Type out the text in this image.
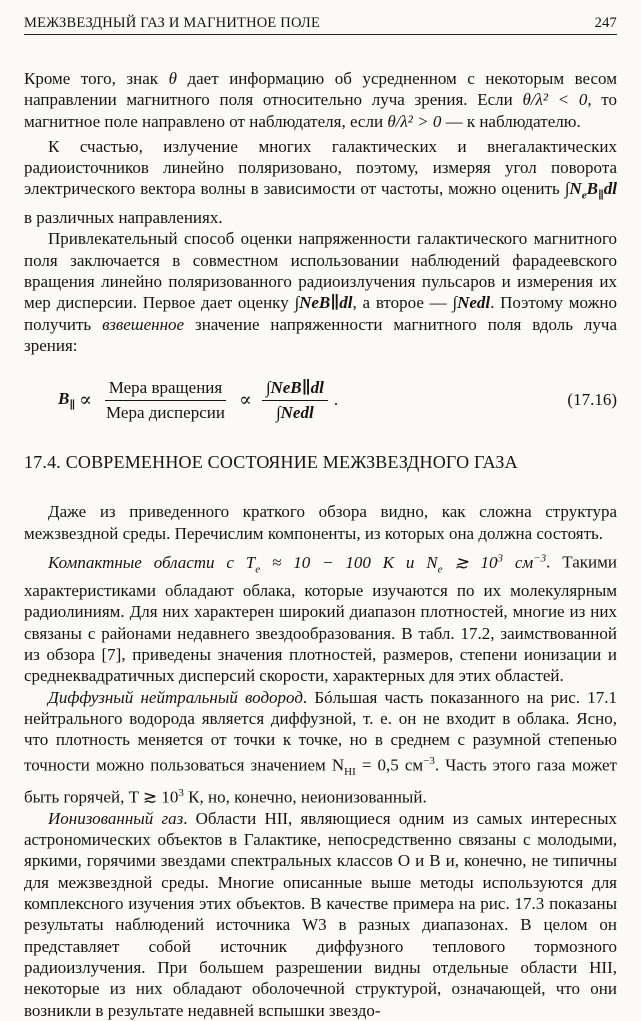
МЕЖЗВЕЗДНЫЙ ГАЗ И МАГНИТНОЕ ПОЛЕ	247

Кроме того, знак θ дает информацию об усредненном с некоторым весом направлении магнитного поля относительно луча зрения. Если θ/λ² < 0, то магнитное поле направлено от наблюдателя, если θ/λ² > 0 — к наблюдателю.

К счастью, излучение многих галактических и внегалактических радиоисточников линейно поляризовано, поэтому, измеряя угол поворота электрического вектора волны в зависимости от частоты, можно оценить $\int N_eB_\parallel dl$ в различных направлениях.

Привлекательный способ оценки напряженности галактического магнитного поля заключается в совместном использовании наблюдений фарадеевского вращения линейно поляризованного радиоизлучения пульсаров и измерения их мер дисперсии. Первое дает оценку ∫NeB∥dl, а второе — ∫Nedl. Поэтому можно получить взвешенное значение напряженности магнитного поля вдоль луча зрения:

$B_\parallel \propto \frac{\text{Мера вращения}}{\text{Мера дисперсии}} \propto \frac{\text{∫NeB∥dl}}{\text{∫Nedl}}$ .	(17.16)
17.4. СОВРЕМЕННОЕ СОСТОЯНИЕ МЕЖЗВЕЗДНОГО ГАЗА

Даже из приведенного краткого обзора видно, как сложна структура межзвездной среды. Перечислим компоненты, из которых она должна состоять.

Компактные области с $T_e \approx 10 - 100$ К и $N_e$ ≳ $10^3$ $см^{-3}$. Такими характеристиками обладают облака, которые изучаются по их молекулярным радиолиниям. Для них характерен широкий диапазон плотностей, многие из них связаны с районами недавнего звездообразования. В табл. 17.2, заимствованной из обзора [7], приведены значения плотностей, размеров, степени ионизации и среднеквадратичных дисперсий скорости, характерных для этих областей.

Диффузный нейтральный водород. Бóльшая часть показанного на рис. 17.1 нейтрального водорода является диффузной, т. е. он не входит в облака. Ясно, что плотность меняется от точки к точке, но в среднем с разумной степенью точности можно пользоваться значением $N_{HI} = 0,5$ $см^{-3}$. Часть этого газа может быть горячей, T ≳ $10^3$ К, но, конечно, неионизованный.

Ионизованный газ. Области HII, являющиеся одним из самых интересных астрономических объектов в Галактике, непосредственно связаны с молодыми, яркими, горячими звездами спектральных классов O и B и, конечно, не типичны для межзвездной среды. Многие описанные выше методы используются для комплексного изучения этих объектов. В качестве примера на рис. 17.3 показаны результаты наблюдений источника W3 в разных диапазонах. В целом он представляет собой источник диффузного теплового тормозного радиоизлучения. При большем разрешении видны отдельные области HII, некоторые из них обладают оболочечной структурой, означающей, что они возникли в результате недавней вспышки звездо-
